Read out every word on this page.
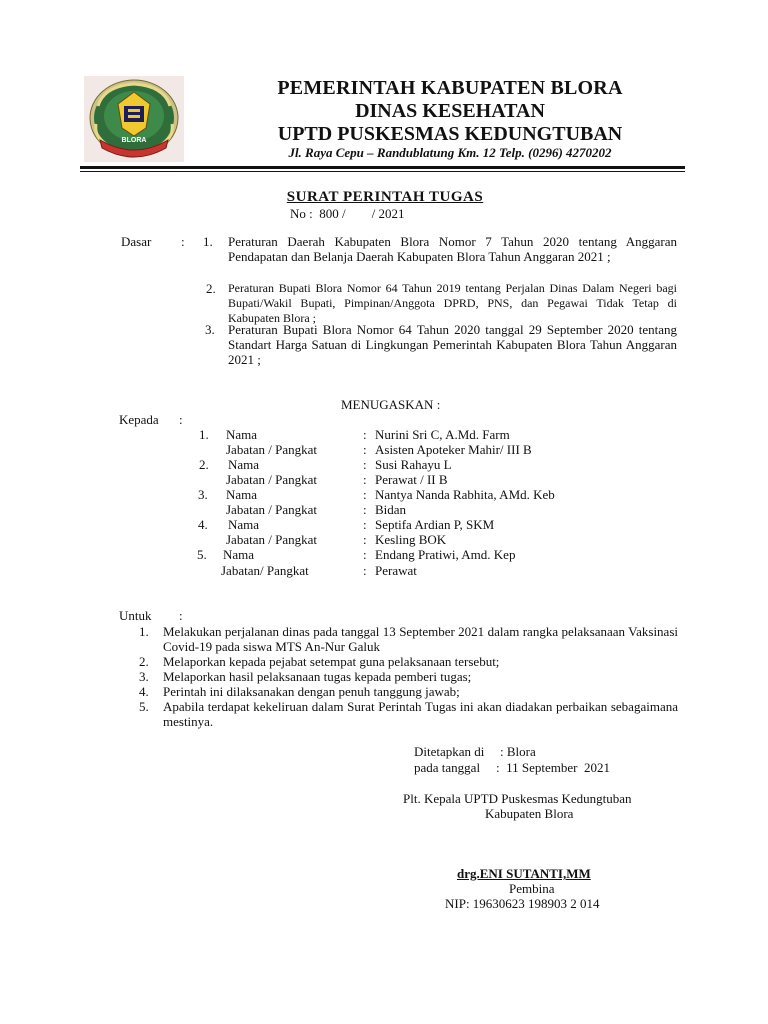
BLORA
PEMERINTAH KABUPATEN BLORA
DINAS KESEHATAN
UPTD PUSKESMAS KEDUNGTUBAN
Jl. Raya Cepu – Randublatung Km. 12 Telp. (0296) 4270202
SURAT PERINTAH TUGAS
No :  800 /        / 2021
Dasar : 1. Peraturan Daerah Kabupaten Blora Nomor 7 Tahun 2020 tentang Anggaran Pendapatan dan Belanja Daerah Kabupaten Blora Tahun Anggaran 2021 ;
2. Peraturan Bupati Blora Nomor 64 Tahun 2019 tentang Perjalan Dinas Dalam Negeri bagi Bupati/Wakil Bupati, Pimpinan/Anggota DPRD, PNS, dan Pegawai Tidak Tetap di Kabupaten Blora ;
3. Peraturan Bupati Blora Nomor 64 Tahun 2020 tanggal 29 September 2020 tentang Standart Harga Satuan di Lingkungan Pemerintah Kabupaten Blora Tahun Anggaran 2021 ;
MENUGASKAN :
Kepada :
1. Nama	: Nurini Sri C, A.Md. Farm
Jabatan / Pangkat	: Asisten Apoteker Mahir/ III B
2. Nama	: Susi Rahayu L
Jabatan / Pangkat	: Perawat / II B
3. Nama	: Nantya Nanda Rabhita, AMd. Keb
Jabatan / Pangkat	: Bidan
4. Nama	: Septifa Ardian P, SKM
Jabatan / Pangkat	: Kesling BOK
5. Nama	: Endang Pratiwi, Amd. Kep
Jabatan/ Pangkat	: Perawat
Untuk :
1. Melakukan perjalanan dinas pada tanggal 13 September 2021 dalam rangka pelaksanaan Vaksinasi Covid-19 pada siswa MTS An-Nur Galuk
2. Melaporkan kepada pejabat setempat guna pelaksanaan tersebut;
3. Melaporkan hasil pelaksanaan tugas kepada pemberi tugas;
4. Perintah ini dilaksanakan dengan penuh tanggung jawab;
5. Apabila terdapat kekeliruan dalam Surat Perintah Tugas ini akan diadakan perbaikan sebagaimana mestinya.
Ditetapkan di : Blora
pada tanggal :  11 September  2021
Plt. Kepala UPTD Puskesmas Kedungtuban
Kabupaten Blora
drg.ENI SUTANTI,MM
Pembina
NIP: 19630623 198903 2 014
